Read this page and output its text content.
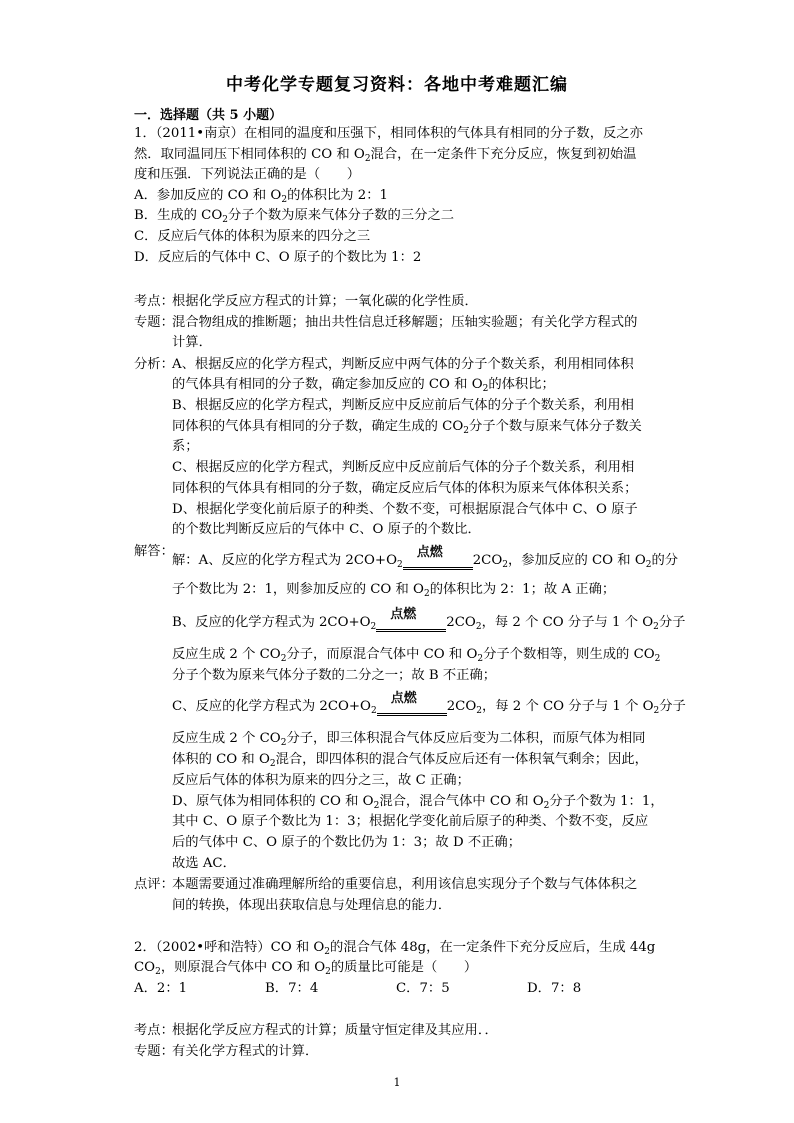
中考化学专题复习资料：各地中考难题汇编
一．选择题（共 5 小题）
1．（2011•南京）在相同的温度和压强下，相同体积的气体具有相同的分子数，反之亦
然．取同温同压下相同体积的 CO 和 $O_2$混合，在一定条件下充分反应，恢复到初始温
度和压强．下列说法正确的是（　　）
A．参加反应的 CO 和 $O_2$的体积比为 2：1
B．生成的 $CO_2$分子个数为原来气体分子数的三分之二
C．反应后气体的体积为原来的四分之三
D．反应后的气体中 C、O 原子的个数比为 1：2
考点：
根据化学反应方程式的计算；一氧化碳的化学性质．
专题：
混合物组成的推断题；抽出共性信息迁移解题；压轴实验题；有关化学方程式的
计算．
分析：
A、根据反应的化学方程式，判断反应中两气体的分子个数关系，利用相同体积
的气体具有相同的分子数，确定参加反应的 CO 和 $O_2$的体积比；
B、根据反应的化学方程式，判断反应中反应前后气体的分子个数关系，利用相
同体积的气体具有相同的分子数，确定生成的 $CO_2$分子个数与原来气体分子数关
系；
C、根据反应的化学方程式，判断反应中反应前后气体的分子个数关系，利用相
同体积的气体具有相同的分子数，确定反应后气体的体积为原来气体体积关系；
D、根据化学变化前后原子的种类、个数不变，可根据原混合气体中 C、O 原子
的个数比判断反应后的气体中 C、O 原子的个数比．
解答：
解：A、反应的化学方程式为 $2CO+O_2$
点燃
$2CO_2$，参加反应的 CO 和 $O_2$的分
子个数比为 2：1，则参加反应的 CO 和 $O_2$的体积比为 2：1；故 A 正确；
B、反应的化学方程式为 $2CO+O_2$
点燃
$2CO_2$，每 2 个 CO 分子与 1 个 $O_2$分子
反应生成 2 个 $CO_2$分子，而原混合气体中 CO 和 $O_2$分子个数相等，则生成的 $CO_2$
分子个数为原来气体分子数的二分之一；故 B 不正确；
C、反应的化学方程式为 $2CO+O_2$
点燃
$2CO_2$，每 2 个 CO 分子与 1 个 $O_2$分子
反应生成 2 个 $CO_2$分子，即三体积混合气体反应后变为二体积，而原气体为相同
体积的 CO 和 $O_2$混合，即四体积的混合气体反应后还有一体积氧气剩余；因此，
反应后气体的体积为原来的四分之三，故 C 正确；
D、原气体为相同体积的 CO 和 $O_2$混合，混合气体中 CO 和 $O_2$分子个数为 1：1，
其中 C、O 原子个数比为 1：3；根据化学变化前后原子的种类、个数不变，反应
后的气体中 C、O 原子的个数比仍为 1：3；故 D 不正确；
故选 AC．
点评：
本题需要通过准确理解所给的重要信息，利用该信息实现分子个数与气体体积之
间的转换，体现出获取信息与处理信息的能力．
2．（2002•呼和浩特）CO 和 $O_2$的混合气体 48g，在一定条件下充分反应后，生成 44g
$CO_2$，则原混合气体中 CO 和 $O_2$的质量比可能是（　　）
A．2：1	B．7：4	C．7：5	D．7：8
考点：
根据化学反应方程式的计算；质量守恒定律及其应用．．
专题：
有关化学方程式的计算．
1
